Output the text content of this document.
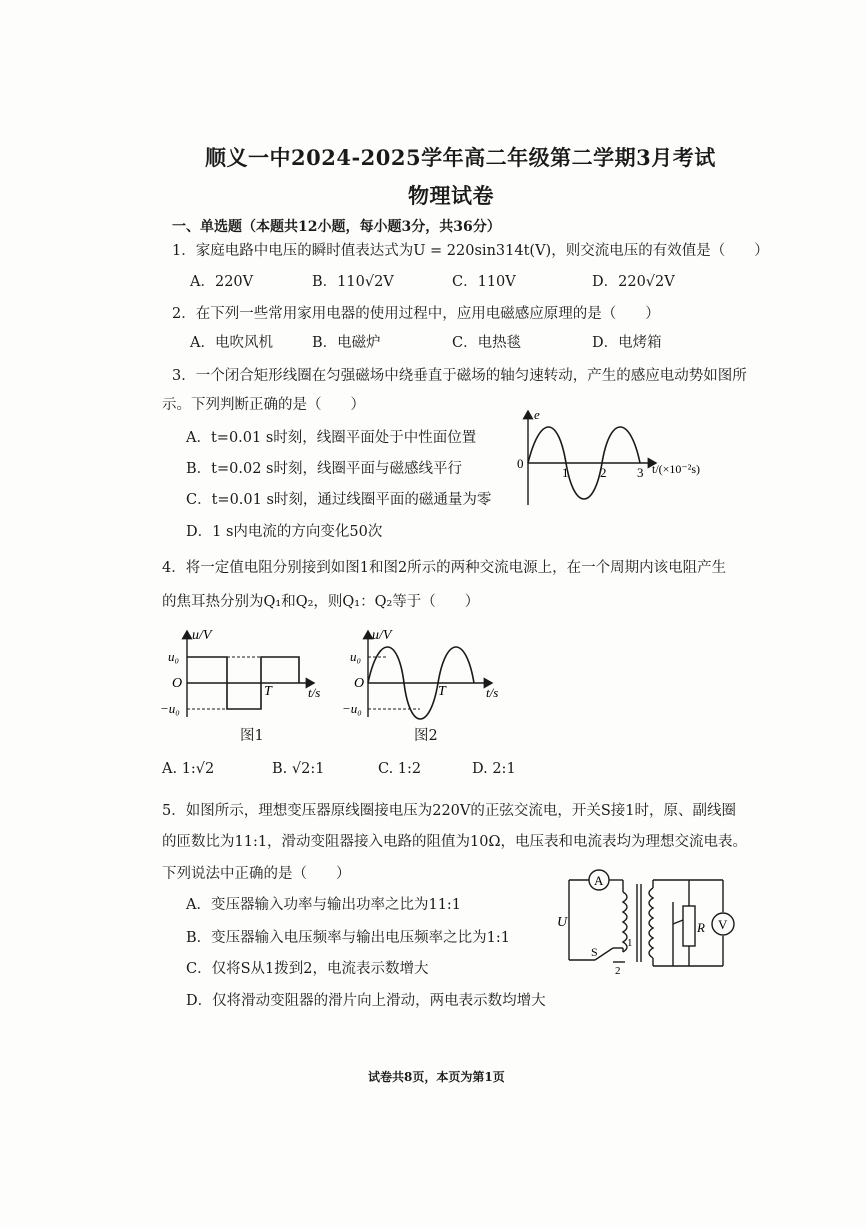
顺义一中2024-2025学年高二年级第二学期3月考试
物理试卷
一、单选题（本题共12小题，每小题3分，共36分）
1．家庭电路中电压的瞬时值表达式为U = 220sin314t(V)，则交流电压的有效值是（　　）
A．220V	B．110√2V	C．110V	D．220√2V
2．在下列一些常用家用电器的使用过程中，应用电磁感应原理的是（　　）
A．电吹风机	B．电磁炉	C．电热毯	D．电烤箱
3．一个闭合矩形线圈在匀强磁场中绕垂直于磁场的轴匀速转动，产生的感应电动势如图所
示。下列判断正确的是（　　）
A．t=0.01 s时刻，线圈平面处于中性面位置
B．t=0.02 s时刻，线圈平面与磁感线平行
C．t=0.01 s时刻，通过线圈平面的磁通量为零
D．1 s内电流的方向变化50次
e
0
1 2 3 t/(×10⁻²s)
4．将一定值电阻分别接到如图1和图2所示的两种交流电源上，在一个周期内该电阻产生
的焦耳热分别为Q₁和Q₂，则Q₁：Q₂等于（　　）
u/V
u₀
O
−u₀
T	t/s
图1
u/V
u₀
O
−u₀
T	t/s
图2
A. 1:√2	B. √2:1	C. 1:2	D. 2:1
5．如图所示，理想变压器原线圈接电压为220V的正弦交流电，开关S接1时，原、副线圈
的匝数比为11:1，滑动变阻器接入电路的阻值为10Ω，电压表和电流表均为理想交流电表。
下列说法中正确的是（　　）
A．变压器输入功率与输出功率之比为11:1
B．变压器输入电压频率与输出电压频率之比为1:1
C．仅将S从1拨到2，电流表示数增大
D．仅将滑动变阻器的滑片向上滑动，两电表示数均增大
A
V
U
S
1
2
R
试卷共8页，本页为第1页
